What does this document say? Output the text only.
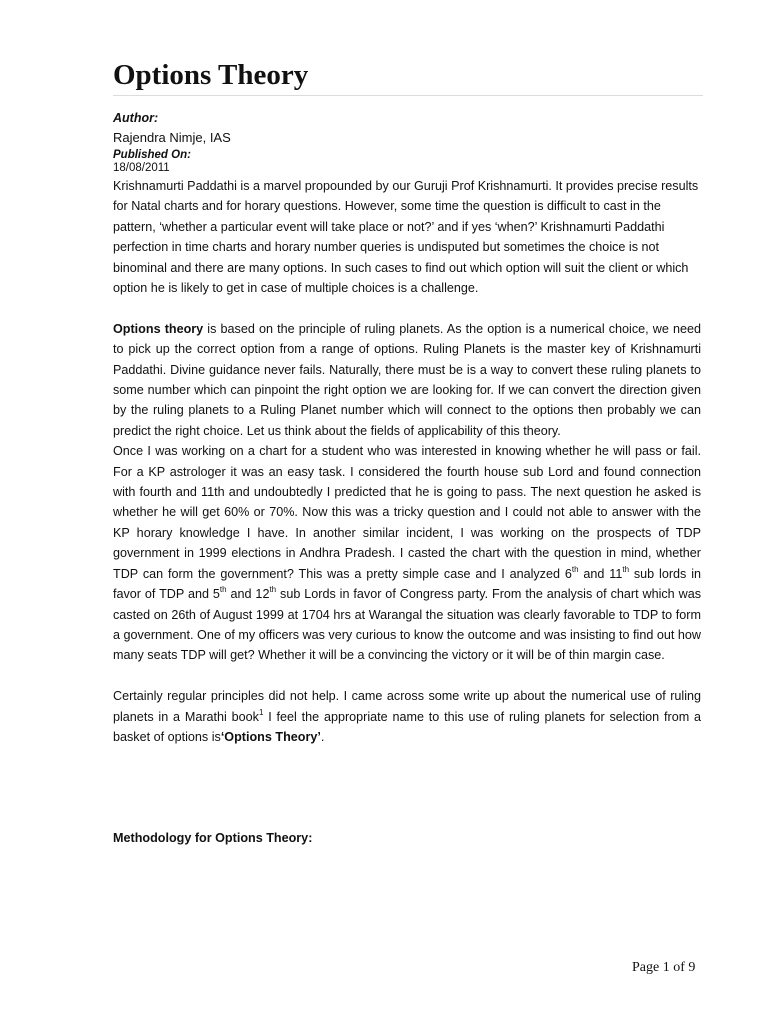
Options Theory
Author:
Rajendra Nimje, IAS
Published On:
18/08/2011

Krishnamurti Paddathi is a marvel propounded by our Guruji Prof Krishnamurti. It provides precise results for Natal charts and for horary questions. However, some time the question is difficult to cast in the pattern, ‘whether a particular event will take place or not?’ and if yes ‘when?’ Krishnamurti Paddathi perfection in time charts and horary number queries is undisputed but sometimes the choice is not binominal and there are many options. In such cases to find out which option will suit the client or which option he is likely to get in case of multiple choices is a challenge.

Options theory is based on the principle of ruling planets. As the option is a numerical choice, we need to pick up the correct option from a range of options. Ruling Planets is the master key of Krishnamurti Paddathi. Divine guidance never fails. Naturally, there must be is a way to convert these ruling planets to some number which can pinpoint the right option we are looking for. If we can convert the direction given by the ruling planets to a Ruling Planet number which will connect to the options then probably we can predict the right choice. Let us think about the fields of applicability of this theory.

Once I was working on a chart for a student who was interested in knowing whether he will pass or fail. For a KP astrologer it was an easy task. I considered the fourth house sub Lord and found connection with fourth and 11th and undoubtedly I predicted that he is going to pass. The next question he asked is whether he will get 60% or 70%. Now this was a tricky question and I could not able to answer with the KP horary knowledge I have. In another similar incident, I was working on the prospects of TDP government in 1999 elections in Andhra Pradesh. I casted the chart with the question in mind, whether TDP can form the government? This was a pretty simple case and I analyzed 6th and 11th sub lords in favor of TDP and 5th and 12th sub Lords in favor of Congress party. From the analysis of chart which was casted on 26th of August 1999 at 1704 hrs at Warangal the situation was clearly favorable to TDP to form a government. One of my officers was very curious to know the outcome and was insisting to find out how many seats TDP will get? Whether it will be a convincing the victory or it will be of thin margin case.

Certainly regular principles did not help. I came across some write up about the numerical use of ruling planets in a Marathi book$^1$ I feel the appropriate name to this use of ruling planets for selection from a basket of options is‘Options Theory’.

Methodology for Options Theory:

Page 1 of 9
